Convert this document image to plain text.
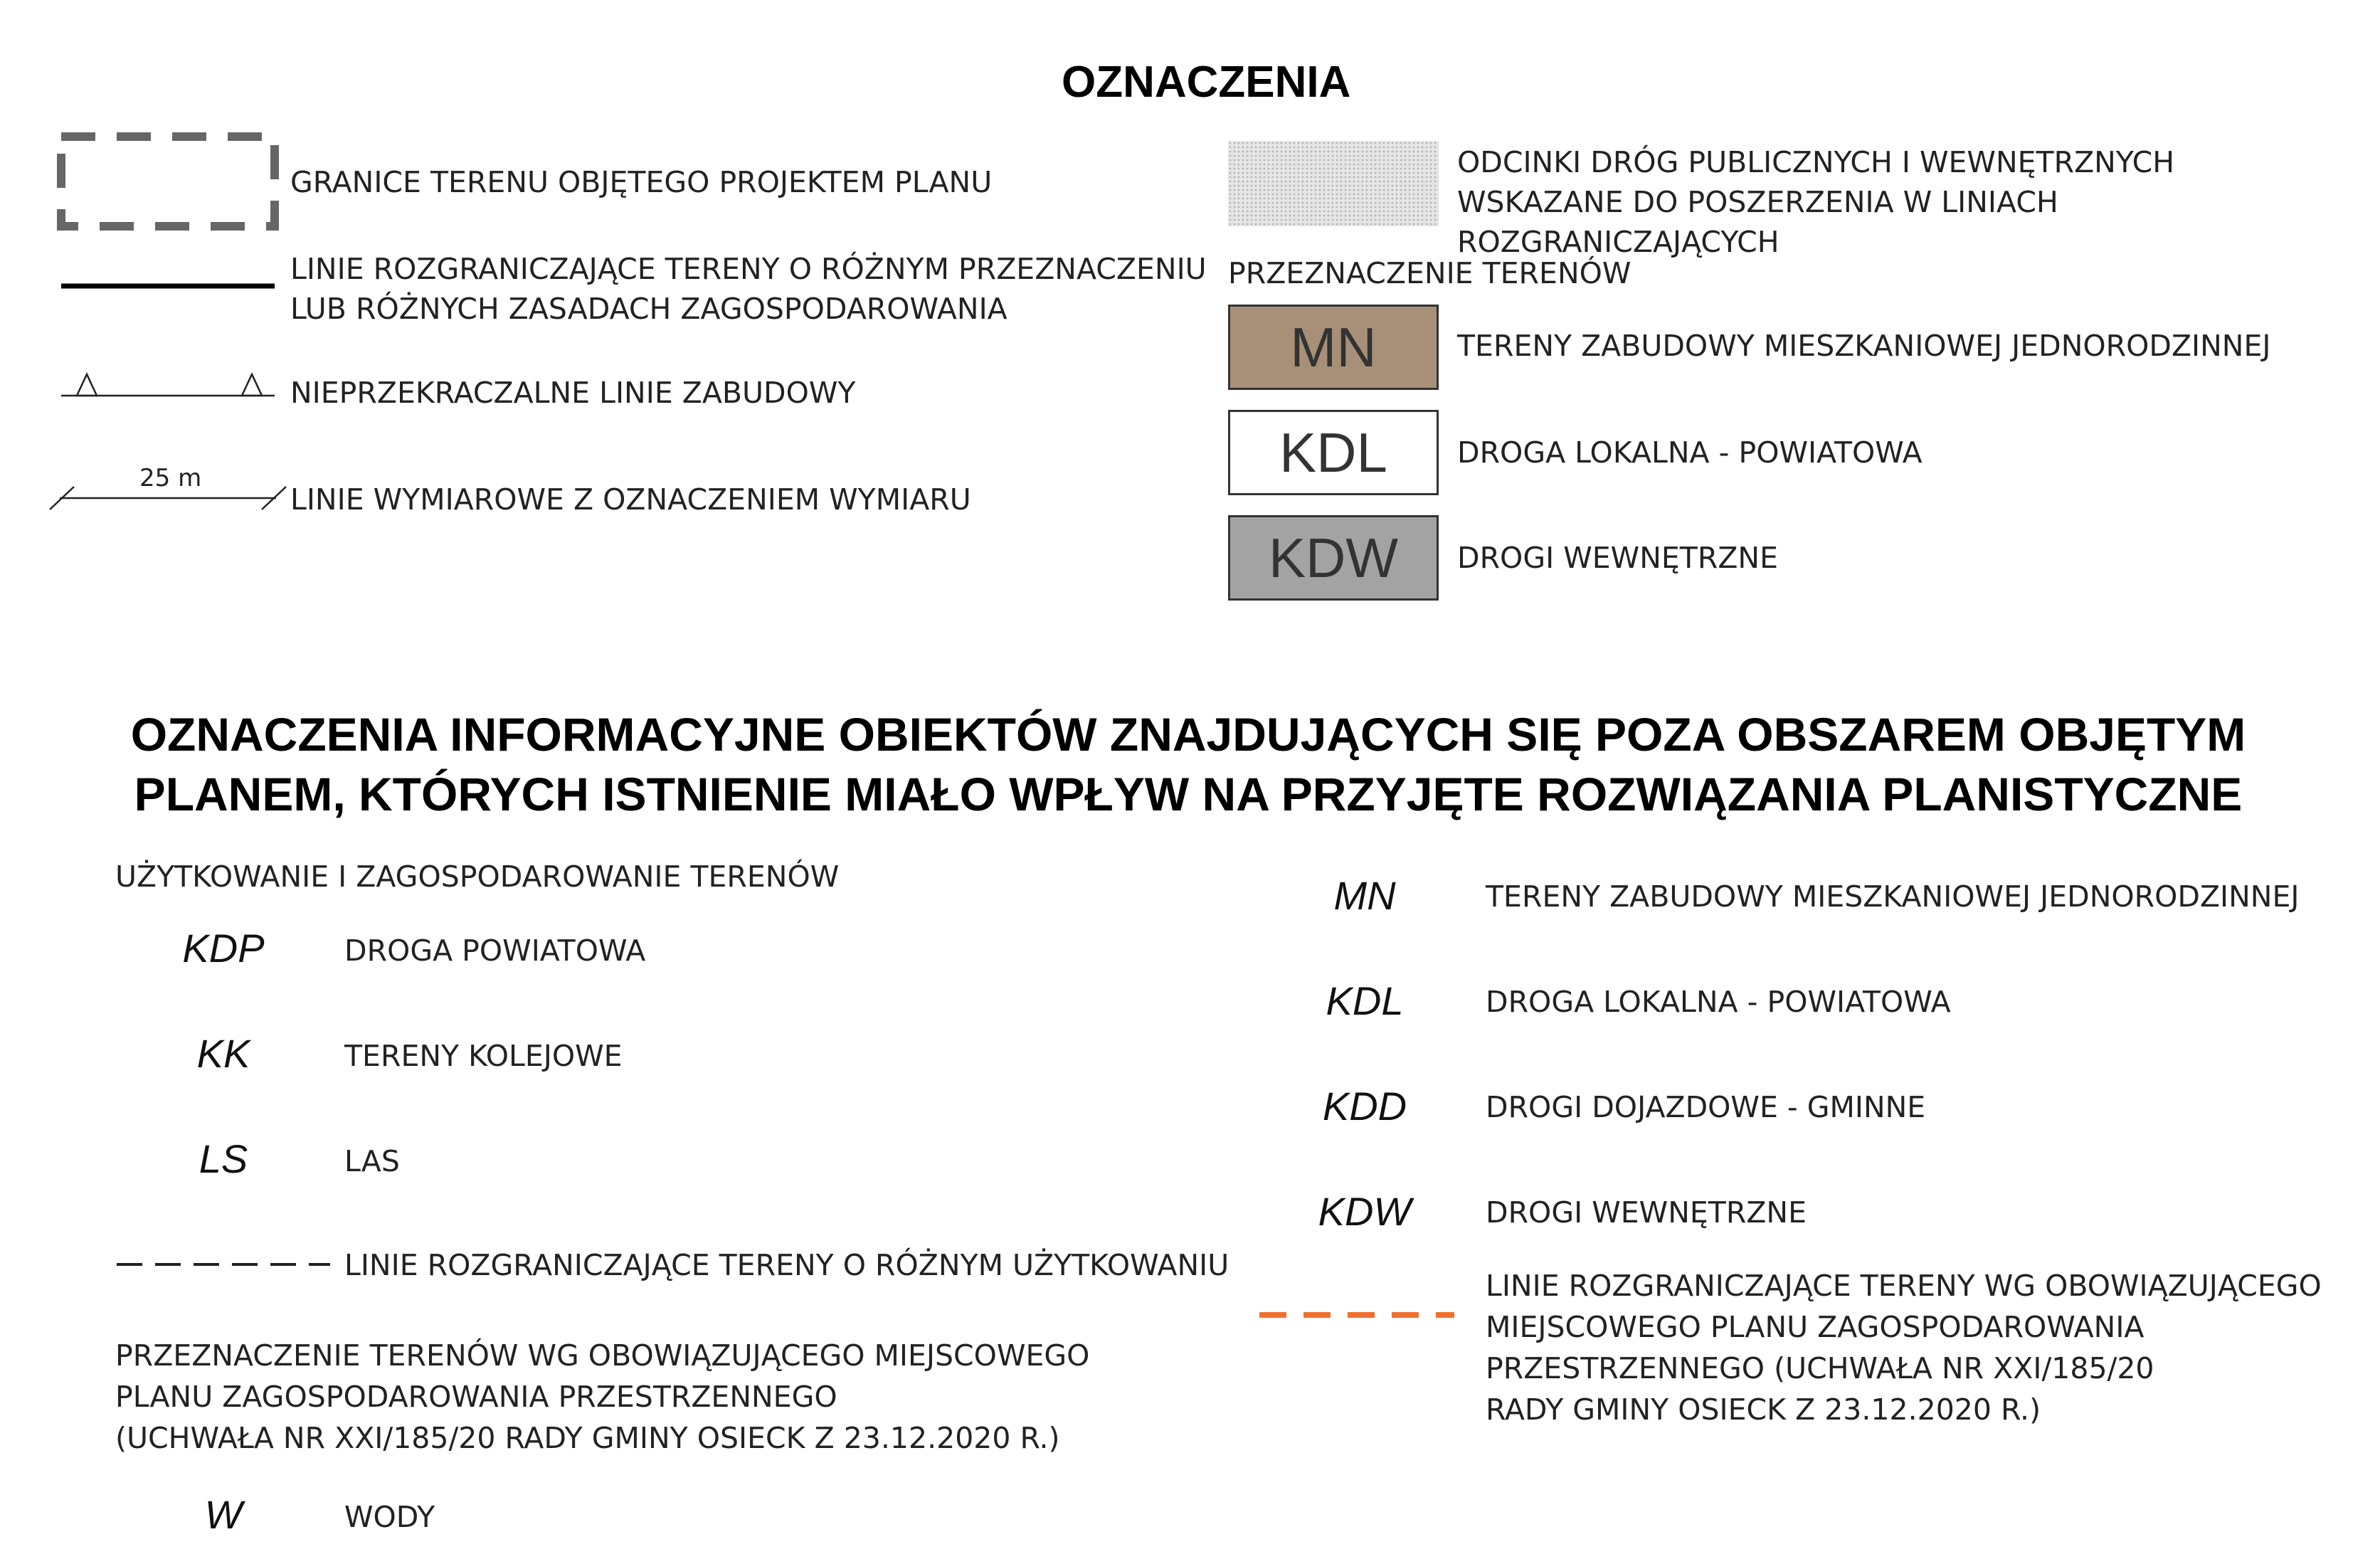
OZNACZENIA
GRANICE TERENU OBJĘTEGO PROJEKTEM PLANU
LINIE ROZGRANICZAJĄCE TERENY O RÓŻNYM PRZEZNACZENIU
LUB RÓŻNYCH ZASADACH ZAGOSPODAROWANIA
NIEPRZEKRACZALNE LINIE ZABUDOWY
25 m
LINIE WYMIAROWE Z OZNACZENIEM WYMIARU
ODCINKI DRÓG PUBLICZNYCH I WEWNĘTRZNYCH
WSKAZANE DO POSZERZENIA W LINIACH ROZGRANICZAJĄCYCH
PRZEZNACZENIE TERENÓW
MN	TERENY ZABUDOWY MIESZKANIOWEJ JEDNORODZINNEJ
KDL	DROGA LOKALNA - POWIATOWA
KDW	DROGI WEWNĘTRZNE
OZNACZENIA INFORMACYJNE OBIEKTÓW ZNAJDUJĄCYCH SIĘ POZA OBSZAREM OBJĘTYM
PLANEM, KTÓRYCH ISTNIENIE MIAŁO WPŁYW NA PRZYJĘTE ROZWIĄZANIA PLANISTYCZNE
UŻYTKOWANIE I ZAGOSPODAROWANIE TERENÓW
KDP	DROGA POWIATOWA
KK	TERENY KOLEJOWE
LS	LAS
LINIE ROZGRANICZAJĄCE TERENY O RÓŻNYM UŻYTKOWANIU
PRZEZNACZENIE TERENÓW WG OBOWIĄZUJĄCEGO MIEJSCOWEGO
PLANU ZAGOSPODAROWANIA PRZESTRZENNEGO
(UCHWAŁA NR XXI/185/20 RADY GMINY OSIECK Z 23.12.2020 R.)
W	WODY
MN	TERENY ZABUDOWY MIESZKANIOWEJ JEDNORODZINNEJ
KDL	DROGA LOKALNA - POWIATOWA
KDD	DROGI DOJAZDOWE - GMINNE
KDW	DROGI WEWNĘTRZNE
LINIE ROZGRANICZAJĄCE TERENY WG OBOWIĄZUJĄCEGO
MIEJSCOWEGO PLANU ZAGOSPODAROWANIA
PRZESTRZENNEGO (UCHWAŁA NR XXI/185/20
RADY GMINY OSIECK Z 23.12.2020 R.)
